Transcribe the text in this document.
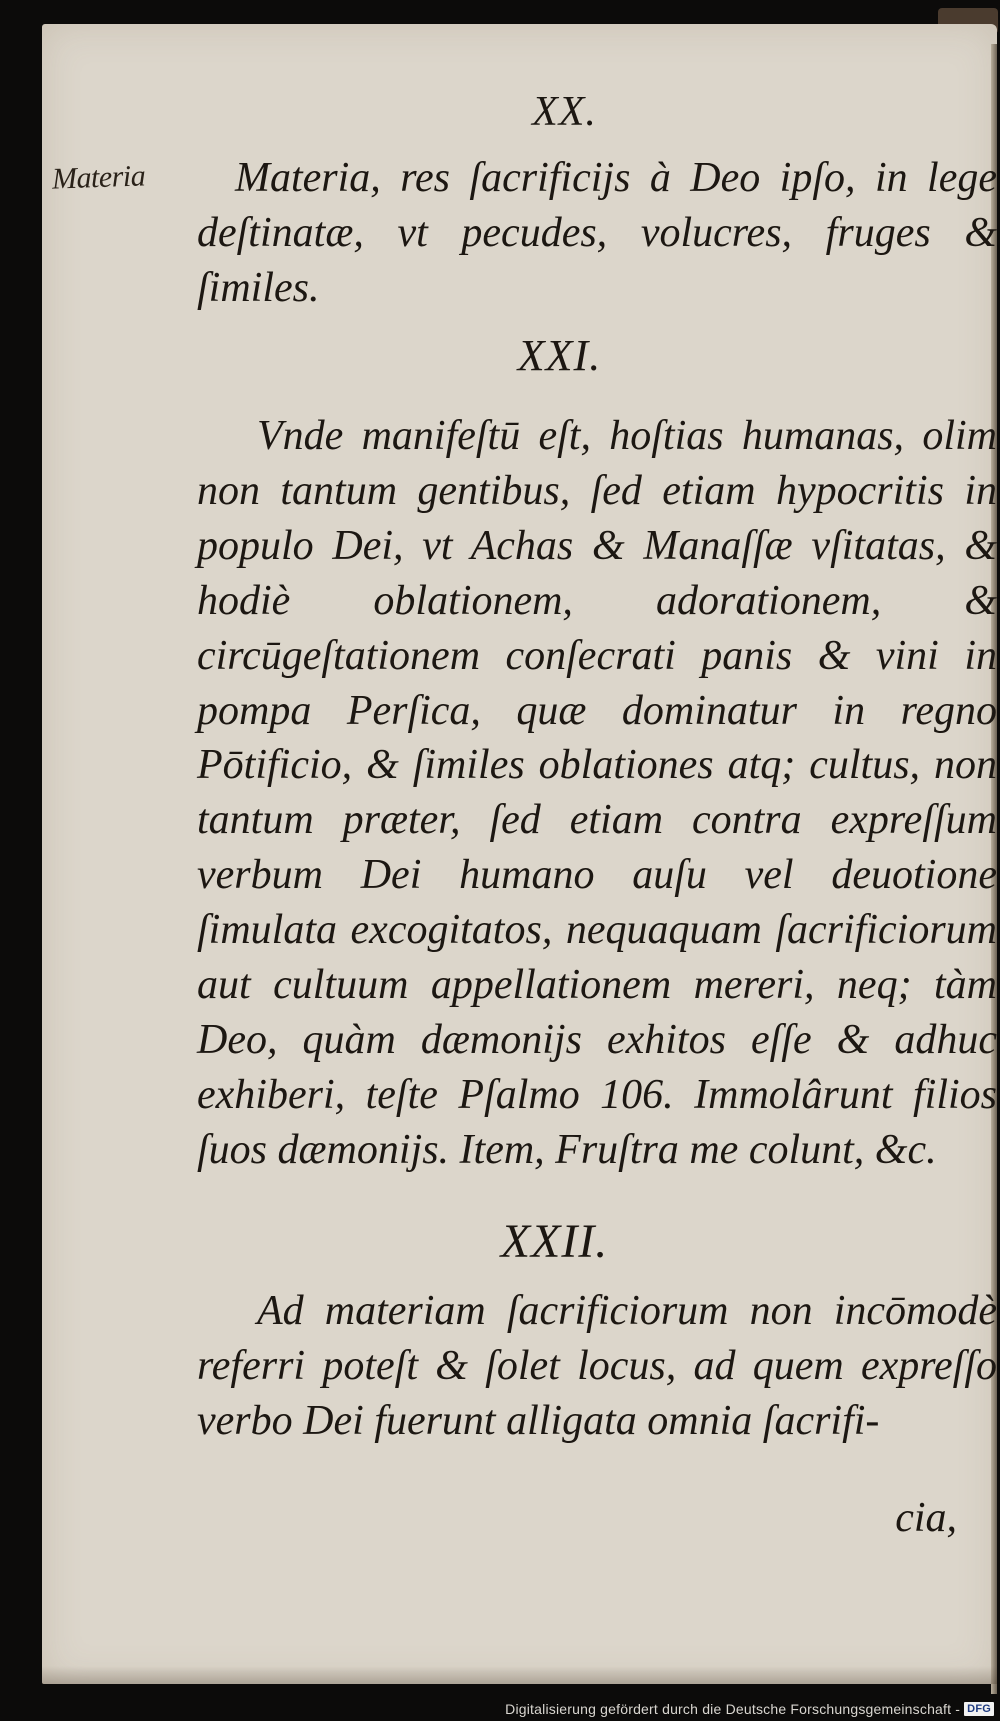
Materia
XX.
Materia, res ſacrificijs à Deo ipſo, in lege deſtinatæ, vt pecudes, volucres, fruges & ſimiles.
XXI.
Vnde manifeſtū eſt, hoſtias humanas, olim non tantum gentibus, ſed etiam hypocritis in populo Dei, vt Achas & Manaſſæ vſitatas, & hodiè oblationem, adorationem, & circūgeſtationem conſecrati panis & vini in pompa Perſica, quæ dominatur in regno Pōtificio, & ſimiles oblationes atq; cultus, non tantum præter, ſed etiam contra expreſſum verbum Dei humano auſu vel deuotione ſimulata excogitatos, nequaquam ſacrificiorum aut cultuum appellationem mereri, neq; tàm Deo, quàm dæmonijs exhitos eſſe & adhuc exhiberi, teſte Pſalmo 106. Immolârunt filios ſuos dæmonijs. Item, Fruſtra me colunt, &c.
XXII.
Ad materiam ſacrificiorum non incōmodè referri poteſt & ſolet locus, ad quem expreſſo verbo Dei fuerunt alligata omnia ſacrifi-
cia,
Digitalisierung gefördert durch die Deutsche Forschungsgemeinschaft - DFG
